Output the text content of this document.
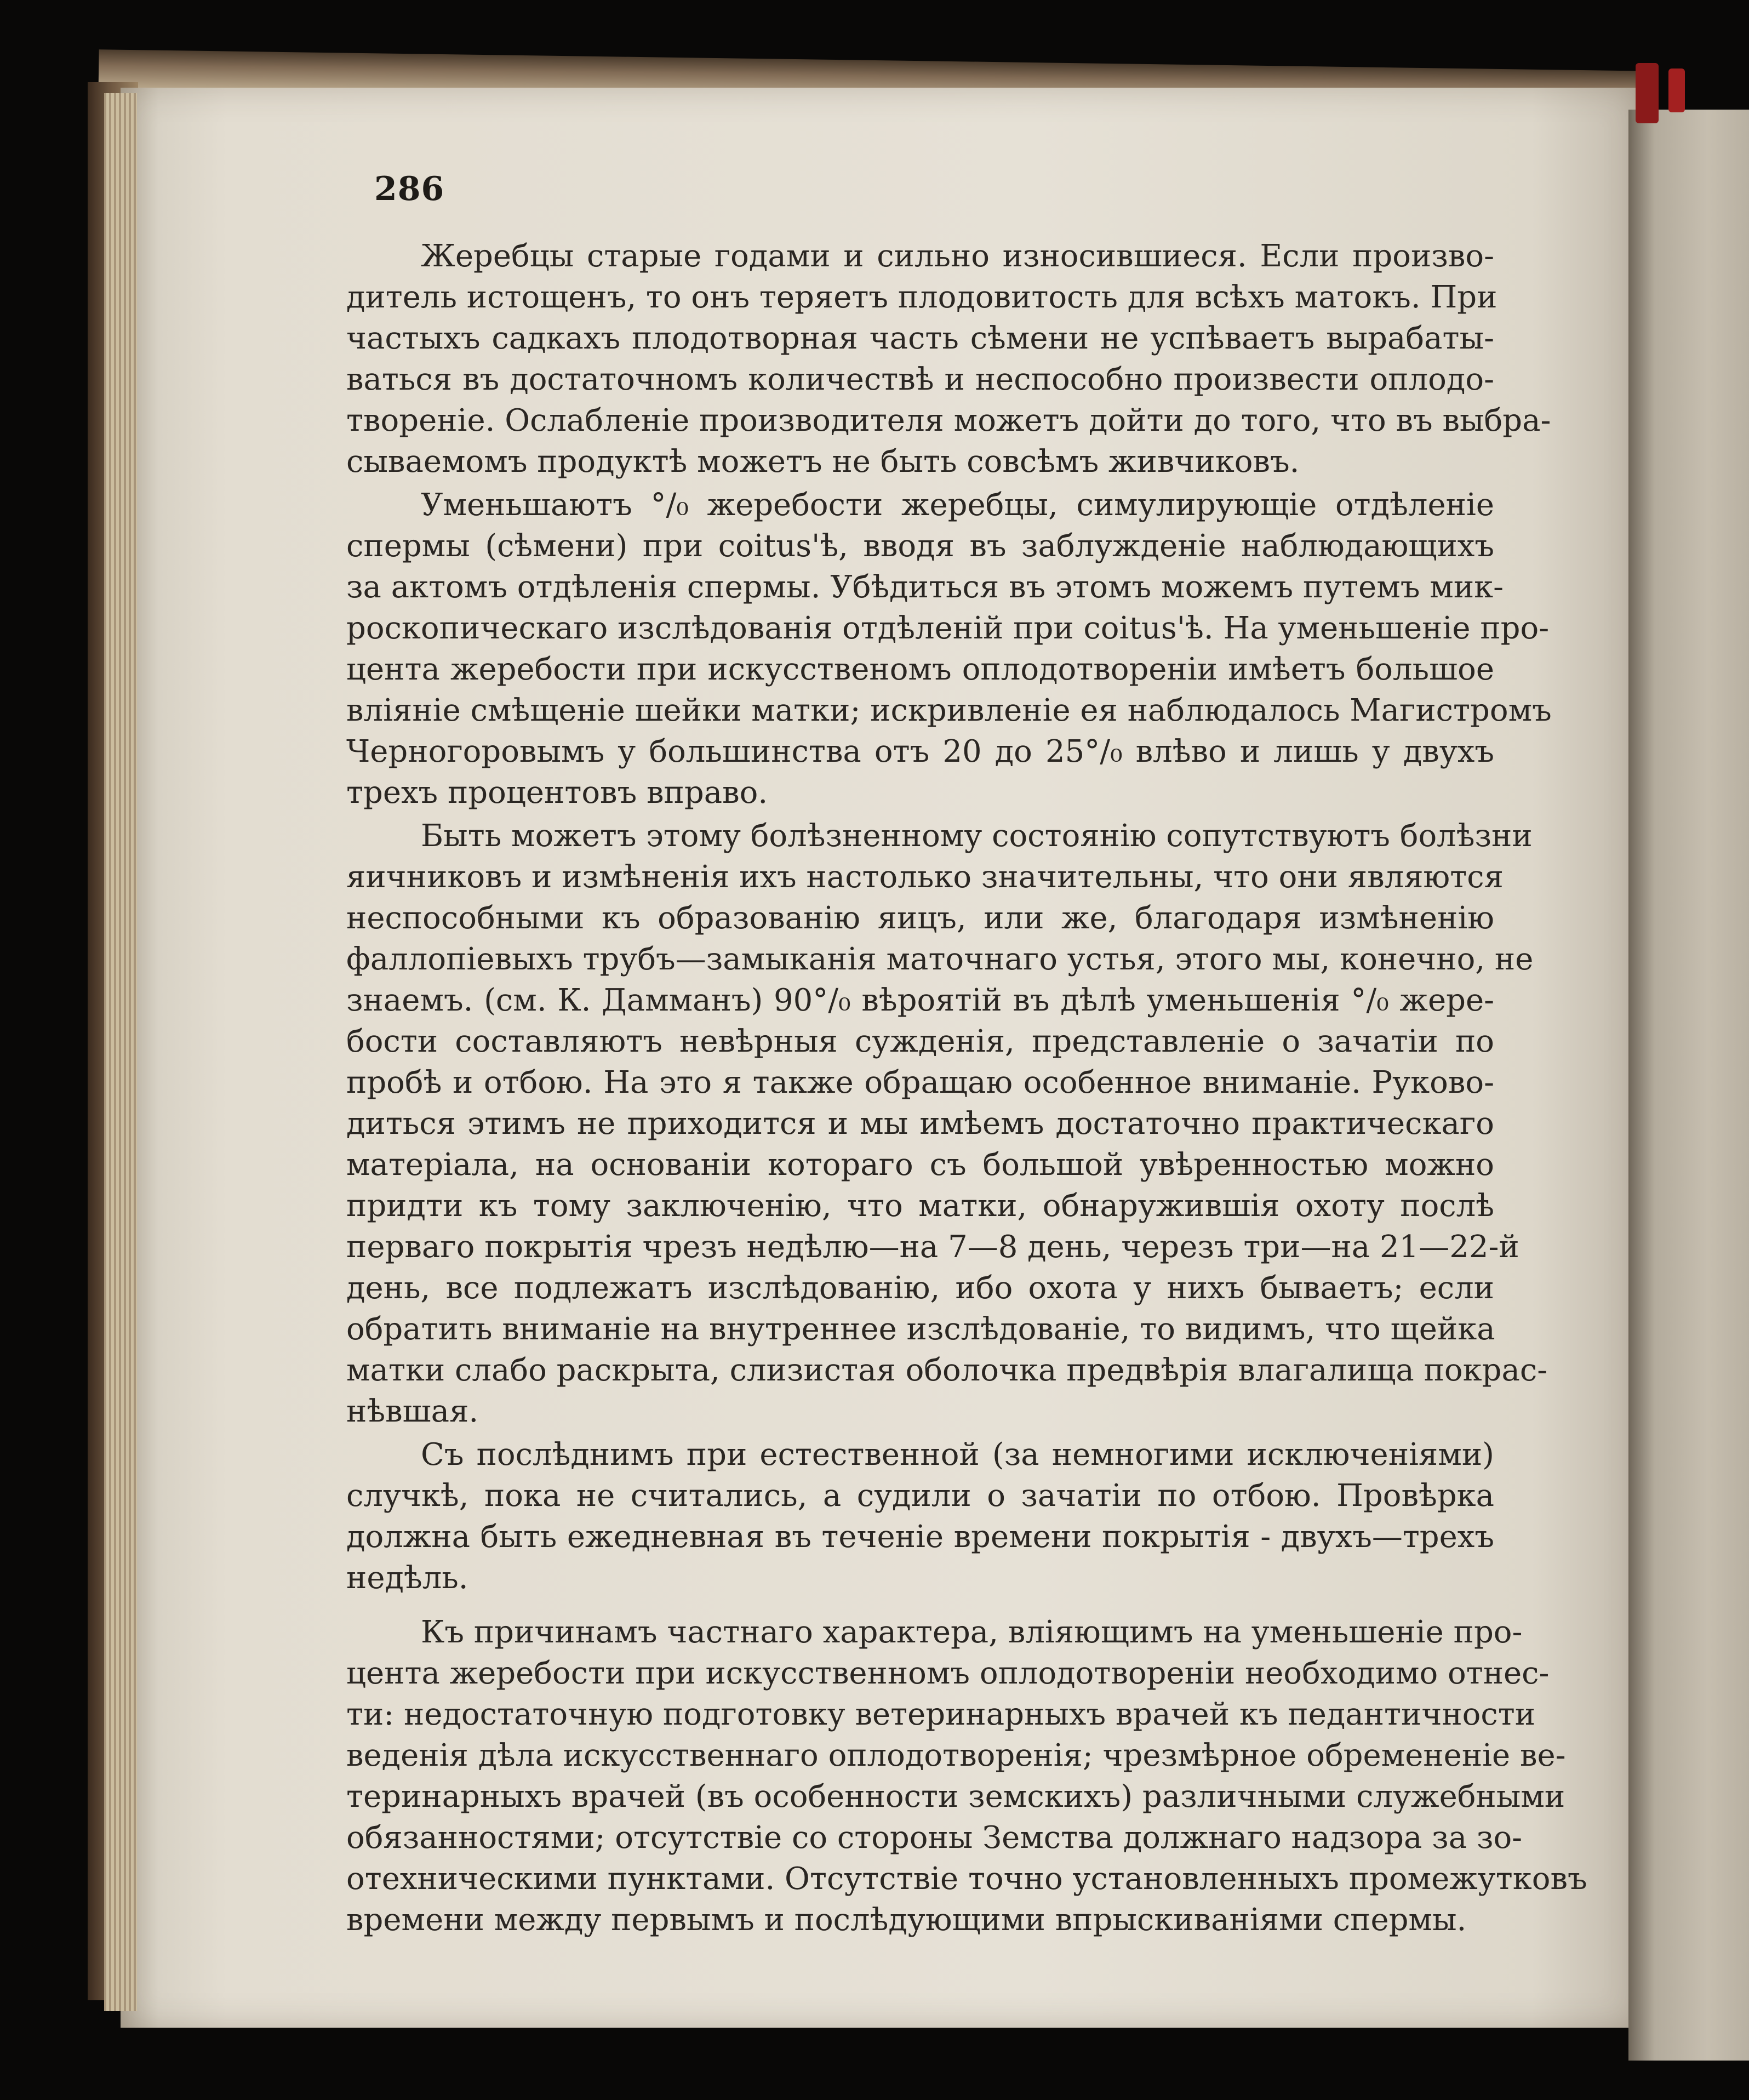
286
Жеребцы старые годами и сильно износившиеся. Если произво-
дитель истощенъ, то онъ теряетъ плодовитость для всѣхъ матокъ. При
частыхъ садкахъ плодотворная часть сѣмени не успѣваетъ вырабаты-
ваться въ достаточномъ количествѣ и неспособно произвести оплодо-
твореніе. Ослабленіе производителя можетъ дойти до того, что въ выбра-
сываемомъ продуктѣ можетъ не быть совсѣмъ живчиковъ.
Уменьшаютъ °/₀ жеребости жеребцы, симулирующіе отдѣленіе
спермы (сѣмени) при coitus'ѣ, вводя въ заблужденіе наблюдающихъ
за актомъ отдѣленія спермы. Убѣдиться въ этомъ можемъ путемъ мик-
роскопическаго изслѣдованія отдѣленій при coitus'ѣ. На уменьшеніе про-
цента жеребости при искусственомъ оплодотвореніи имѣетъ большое
вліяніе смѣщеніе шейки матки; искривленіе ея наблюдалось Магистромъ
Черногоровымъ у большинства отъ 20 до 25°/₀ влѣво и лишь у двухъ
трехъ процентовъ вправо.
Быть можетъ этому болѣзненному состоянію сопутствуютъ болѣзни
яичниковъ и измѣненія ихъ настолько значительны, что они являются
неспособными къ образованію яицъ, или же, благодаря измѣненію
фаллопіевыхъ трубъ—замыканія маточнаго устья, этого мы, конечно, не
знаемъ. (см. К. Дамманъ) 90°/₀ вѣроятій въ дѣлѣ уменьшенія °/₀ жере-
бости составляютъ невѣрныя сужденія, представленіе о зачатіи по
пробѣ и отбою. На это я также обращаю особенное вниманіе. Руково-
диться этимъ не приходится и мы имѣемъ достаточно практическаго
матеріала, на основаніи котораго съ большой увѣренностью можно
придти къ тому заключенію, что матки, обнаружившія охоту послѣ
перваго покрытія чрезъ недѣлю—на 7—8 день, черезъ три—на 21—22-й
день, все подлежатъ изслѣдованію, ибо охота у нихъ бываетъ; если
обратить вниманіе на внутреннее изслѣдованіе, то видимъ, что щейка
матки слабо раскрыта, слизистая оболочка предвѣрія влагалища покрас-
нѣвшая.
Съ послѣднимъ при естественной (за немногими исключеніями)
случкѣ, пока не считались, а судили о зачатіи по отбою. Провѣрка
должна быть ежедневная въ теченіе времени покрытія - двухъ—трехъ
недѣль.
Къ причинамъ частнаго характера, вліяющимъ на уменьшеніе про-
цента жеребости при искусственномъ оплодотвореніи необходимо отнес-
ти: недостаточную подготовку ветеринарныхъ врачей къ педантичности
веденія дѣла искусственнаго оплодотворенія; чрезмѣрное обремененіе ве-
теринарныхъ врачей (въ особенности земскихъ) различными служебными
обязанностями; отсутствіе со стороны Земства должнаго надзора за зо-
отехническими пунктами. Отсутствіе точно установленныхъ промежутковъ
времени между первымъ и послѣдующими впрыскиваніями спермы.
